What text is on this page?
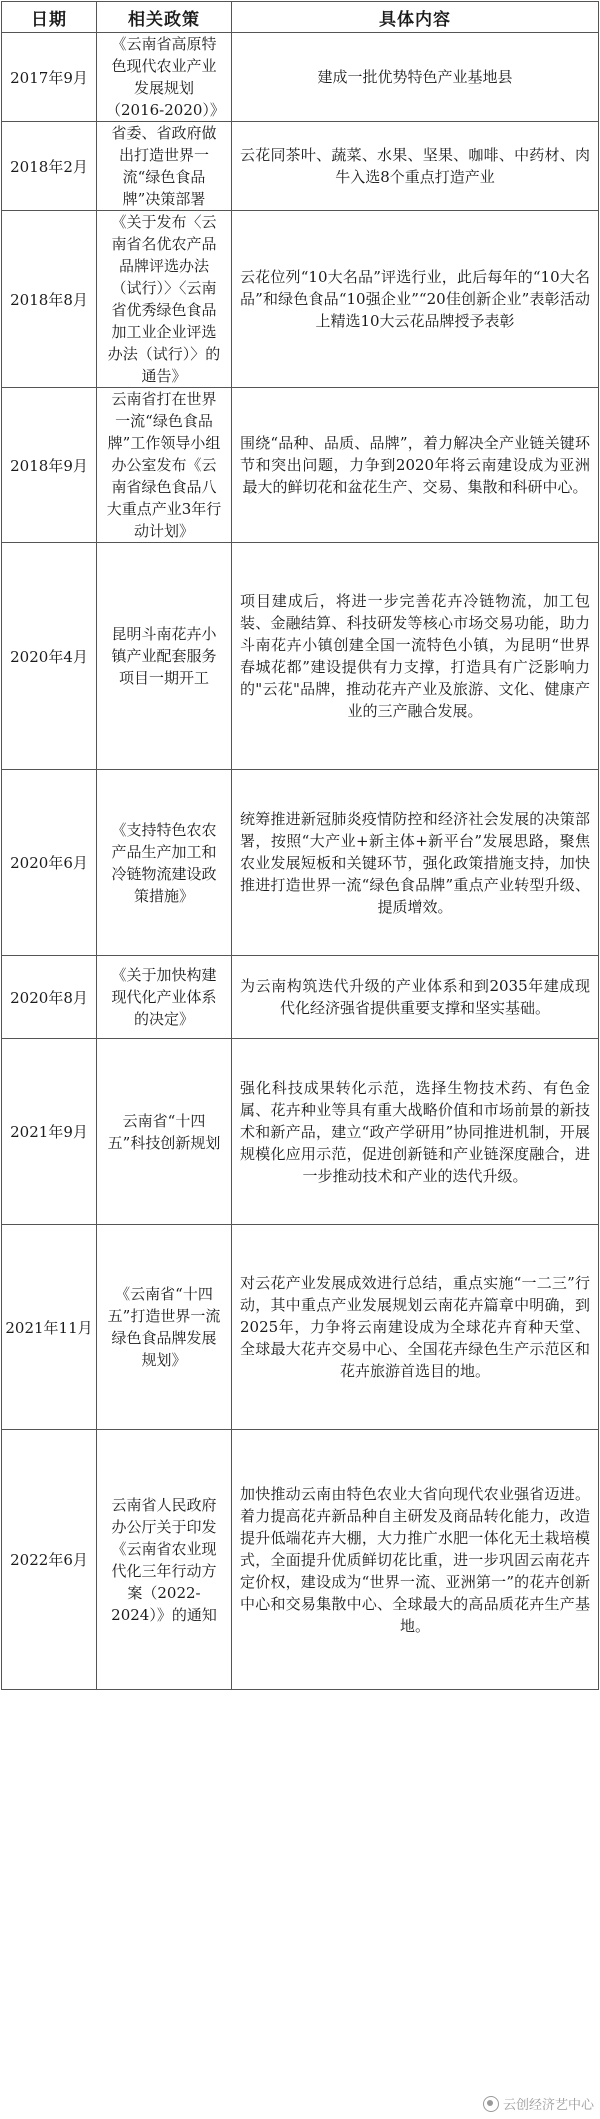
日期	相关政策	具体内容
2017年9月	《云南省高原特色现代农业产业发展规划（2016-2020）》	建成一批优势特色产业基地县
2018年2月	省委、省政府做出打造世界一流“绿色食品牌”决策部署	云花同茶叶、蔬菜、水果、坚果、咖啡、中药材、肉牛入选8个重点打造产业
2018年8月	《关于发布〈云南省名优农产品品牌评选办法（试行）〉〈云南省优秀绿色食品加工业企业评选办法（试行）〉的通告》	云花位列“10大名品”评选行业，此后每年的“10大名品”和绿色食品“10强企业”“20佳创新企业”表彰活动上精选10大云花品牌授予表彰
2018年9月	云南省打在世界一流“绿色食品牌”工作领导小组办公室发布《云南省绿色食品八大重点产业3年行动计划》	围绕“品种、品质、品牌”，着力解决全产业链关键环节和突出问题，力争到2020年将云南建设成为亚洲最大的鲜切花和盆花生产、交易、集散和科研中心。
2020年4月	昆明斗南花卉小镇产业配套服务项目一期开工	项目建成后，将进一步完善花卉冷链物流，加工包装、金融结算、科技研发等核心市场交易功能，助力斗南花卉小镇创建全国一流特色小镇，为昆明“世界春城花都”建设提供有力支撑，打造具有广泛影响力的"云花"品牌，推动花卉产业及旅游、文化、健康产业的三产融合发展。
2020年6月	《支持特色农农产品生产加工和冷链物流建设政策措施》	统筹推进新冠肺炎疫情防控和经济社会发展的决策部署，按照“大产业+新主体+新平台”发展思路，聚焦农业发展短板和关键环节，强化政策措施支持，加快推进打造世界一流“绿色食品牌”重点产业转型升级、提质增效。
2020年8月	《关于加快构建现代化产业体系的决定》	为云南构筑迭代升级的产业体系和到2035年建成现代化经济强省提供重要支撑和坚实基础。
2021年9月	云南省“十四五”科技创新规划	强化科技成果转化示范，选择生物技术药、有色金属、花卉种业等具有重大战略价值和市场前景的新技术和新产品，建立“政产学研用”协同推进机制，开展规模化应用示范，促进创新链和产业链深度融合，进一步推动技术和产业的迭代升级。
2021年11月	《云南省“十四五”打造世界一流绿色食品牌发展规划》	对云花产业发展成效进行总结，重点实施“一二三”行动，其中重点产业发展规划云南花卉篇章中明确，到2025年，力争将云南建设成为全球花卉育种天堂、全球最大花卉交易中心、全国花卉绿色生产示范区和花卉旅游首选目的地。
2022年6月	云南省人民政府办公厅关于印发《云南省农业现代化三年行动方案（2022-2024）》的通知	加快推动云南由特色农业大省向现代农业强省迈进。着力提高花卉新品种自主研发及商品转化能力，改造提升低端花卉大棚，大力推广水肥一体化无土栽培模式，全面提升优质鲜切花比重，进一步巩固云南花卉定价权，建设成为“世界一流、亚洲第一”的花卉创新中心和交易集散中心、全球最大的高品质花卉生产基地。
云创经济艺中心
